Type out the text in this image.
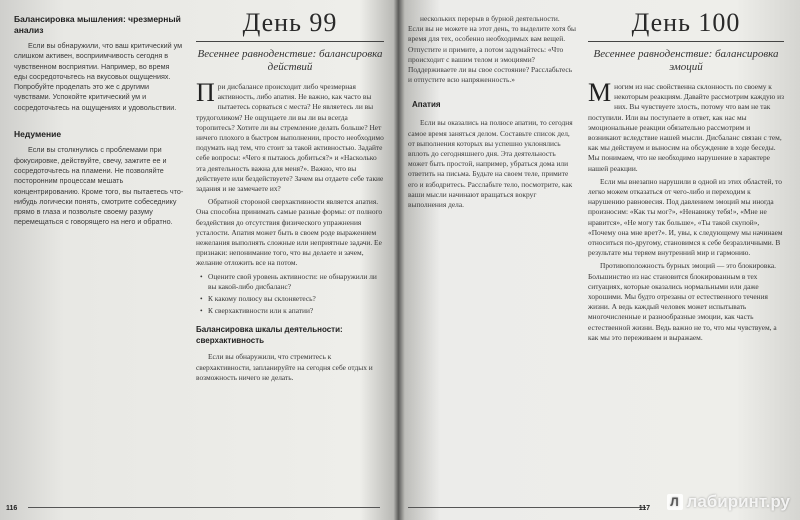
Балансировка мышления: чрезмерный анализ

Если вы обнаружили, что ваш критический ум слишком активен, восприимчивость сегодня в чувственном восприятии. Например, во время еды сосредоточьтесь на вкусовых ощущениях. Попробуйте проделать это же с другими чувствами. Успокойте критический ум и сосредоточьтесь на ощущениях и удовольствии.

Недумение

Если вы столкнулись с проблемами при фокусировке, действуйте, свечу, зажгите ее и сосредоточьтесь на пламени. Не позволяйте посторонним процессам мешать концентрированию. Кроме того, вы пытаетесь что-нибудь логически понять, смотрите собеседнику прямо в глаза и позвольте своему разуму перемещаться с говорящего на него и обратно.

День 99
Весеннее равноденствие: балансировка действий

При дисбалансе происходит либо чрезмерная активность, либо апатия. Не важно, как часто вы пытаетесь сорваться с места? Не являетесь ли вы трудоголиком? Не ощущаете ли вы ли вы всегда торопитесь? Хотите ли вы стремление делать больше? Нет ничего плохого в быстром выполнении, просто необходимо подумать над тем, что стоит за такой активностью. Задайте себе вопросы: «Чего я пытаюсь добиться?» и «Насколько эта деятельность важна для меня?». Важно, что вы действуете или бездействуете? Зачем вы отдаете себе такие задания и не замечаете их?

Обратной стороной сверхактивности является апатия. Она способна принимать самые разные формы: от полного бездействия до отсутствия физического упражнения усталости. Апатия может быть в своем роде выражением нежелания выполнять сложные или неприятные задачи. Ее признаки: непонимание того, что вы делаете и зачем, желание отложить все на потом.

• Оцените свой уровень активности: не обнаружили ли вы какой-либо дисбаланс?
• К какому полюсу вы склоняетесь?
• К сверхактивности или к апатии?
Балансировка шкалы деятельности: сверхактивность

Если вы обнаружили, что стремитесь к сверхактивности, запланируйте на сегодня себе отдых и возможность ничего не делать.

116

нескольких перерыв в бурной деятельности. Если вы не можете на этот день, то выделите хотя бы время для тех, особенно необходимых вам вещей. Отпустите и примите, а потом задумайтесь: «Что происходит с вашим телом и эмоциями? Поддерживаете ли вы свое состояние? Расслабьтесь и отпустите всю напряженность.»

Апатия

Если вы оказались на полюсе апатии, то сегодня самое время заняться делом. Составьте список дел, от выполнения которых вы успешно уклонялись вплоть до сегодняшнего дня. Эта деятельность может быть простой, например, убраться дома или ответить на письма. Будьте на своем теле, примите его и взбодритесь. Расслабьте тело, посмотрите, как ваши мысли начинают вращаться вокруг выполнения дела.

День 100
Весеннее равноденствие: балансировка эмоций

Многим из нас свойственна склонность по своему к некоторым реакциям. Давайте рассмотрим каждую из них. Вы чувствуете злость, потому что вам не так поступили. Или вы поступаете в ответ, как нас мы эмоциональные реакции обязательно рассмотрим и возникают вследствие нашей мысли. Дисбаланс связан с тем, как мы действуем и выносим на обсуждение в ходе беседы. Мы понимаем, что не необходимо нарушение в характере нашей реакции.

Если мы внезапно нарушили в одной из этих областей, то легко можем отказаться от чего-либо и переходим к нарушению равновесия. Под давлением эмоций мы иногда произносим: «Как ты мог?», «Ненавижу тебя!», «Мне не нравится», «Не могу так больше», «Ты такой скупой», «Почему она мне врет?». И, увы, к следующему мы начинаем относиться по-другому, становимся к себе безразличными. В результате мы теряем внутренний мир и гармонию.

Противоположность бурных эмоций — это блокировка. Большинство из нас становится блокированным в тех ситуациях, которые оказались нормальными или даже хорошими. Мы будто отрезаны от естественного течения жизни. А ведь каждый человек может испытывать многочисленные и разнообразные эмоции, как часть естественной жизни. Ведь важно не то, что мы чувствуем, а как мы это переживаем и выражаем.

117	Л лабиринт.ру
